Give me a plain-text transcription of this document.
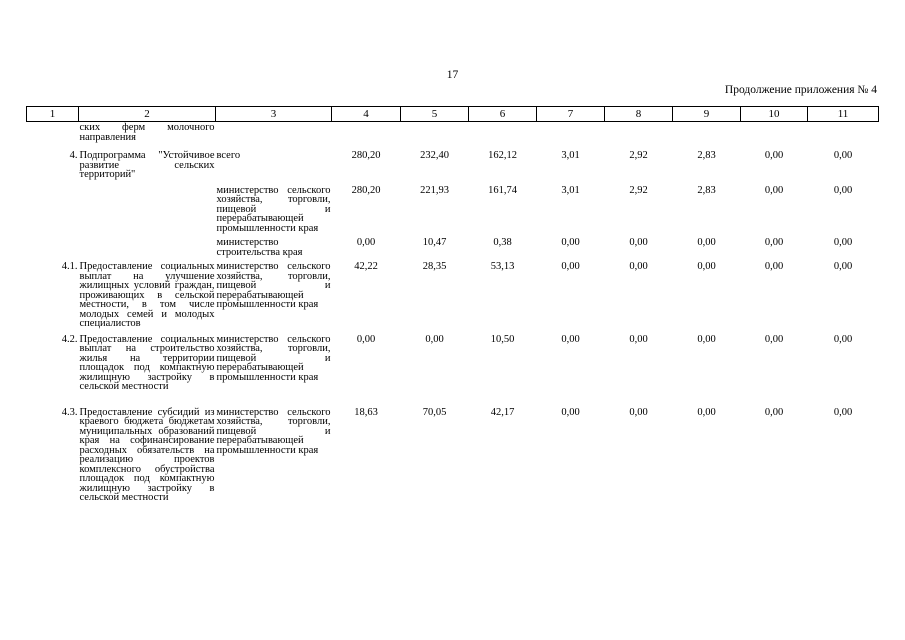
17
Продолжение приложения № 4
1	2	3	4	5	6	7	8	9	10	11
	ских ферм молочного направления									
4.	Подпрограмма "Устойчивое развитие сельских территорий"	всего	280,20	232,40	162,12	3,01	2,92	2,83	0,00	0,00
		министерство сельского хозяйства, торговли, пищевой и перерабатывающей промышленности края	280,20	221,93	161,74	3,01	2,92	2,83	0,00	0,00
		министерство строительства края	0,00	10,47	0,38	0,00	0,00	0,00	0,00	0,00
4.1.	Предоставление социальных выплат на улучшение жилищных условий граждан, проживающих в сельской местности, в том числе молодых семей и молодых специалистов	министерство сельского хозяйства, торговли, пищевой и перерабатывающей промышленности края	42,22	28,35	53,13	0,00	0,00	0,00	0,00	0,00
4.2.	Предоставление социальных выплат на строительство жилья на территории площадок под компактную жилищную застройку в сельской местности	министерство сельского хозяйства, торговли, пищевой и перерабатывающей промышленности края	0,00	0,00	10,50	0,00	0,00	0,00	0,00	0,00
4.3.	Предоставление субсидий из краевого бюджета бюджетам муниципальных образований края на софинансирование расходных обязательств на реализацию проектов комплексного обустройства площадок под компактную жилищную застройку в сельской местности	министерство сельского хозяйства, торговли, пищевой и перерабатывающей промышленности края	18,63	70,05	42,17	0,00	0,00	0,00	0,00	0,00
